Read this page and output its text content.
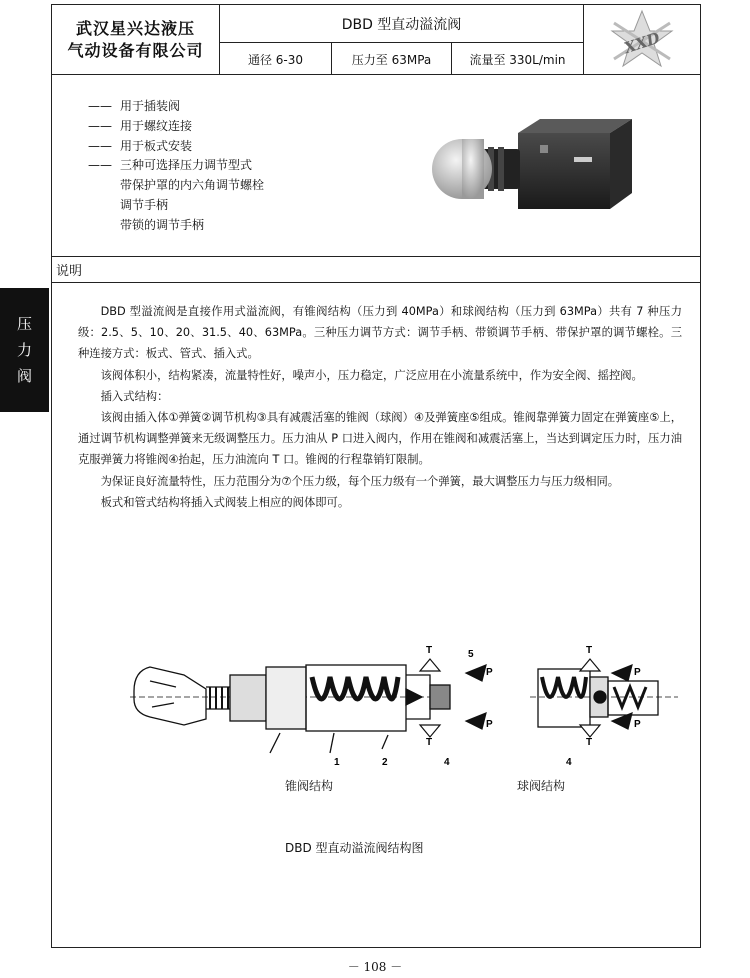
武汉星兴达液压
气动设备有限公司
DBD 型直动溢流阀
通径 6-30	压力至 63MPa	流量至 330L/min
XXD
—— 用于插装阀
—— 用于螺纹连接
—— 用于板式安装
—— 三种可选择压力调节型式
带保护罩的内六角调节螺栓
调节手柄
带锁的调节手柄
说明

DBD 型溢流阀是直接作用式溢流阀，有锥阀结构（压力到 40MPa）和球阀结构（压力到 63MPa）共有 7 种压力级：2.5、5、10、20、31.5、40、63MPa。三种压力调节方式：调节手柄、带锁调节手柄、带保护罩的调节螺栓。三种连接方式：板式、管式、插入式。

该阀体积小，结构紧凑，流量特性好，噪声小，压力稳定，广泛应用在小流量系统中，作为安全阀、摇控阀。

插入式结构：

该阀由插入体①弹簧②调节机构③具有减震活塞的锥阀（球阀）④及弹簧座⑤组成。锥阀靠弹簧力固定在弹簧座⑤上，通过调节机构调整弹簧来无级调整压力。压力油从 P 口进入阀内，作用在锥阀和减震活塞上，当达到调定压力时，压力油克服弹簧力将锥阀④抬起，压力油流向 T 口。锥阀的行程靠销钉限制。

为保证良好流量特性，压力范围分为⑦个压力级，每个压力级有一个弹簧，最大调整压力与压力级相同。

板式和管式结构将插入式阀装上相应的阀体即可。

T	5
P
P
T
1	2	4
T
P
P
T
4
锥阀结构	球阀结构
DBD 型直动溢流阀结构图
压
力
阀
－ 108 －
